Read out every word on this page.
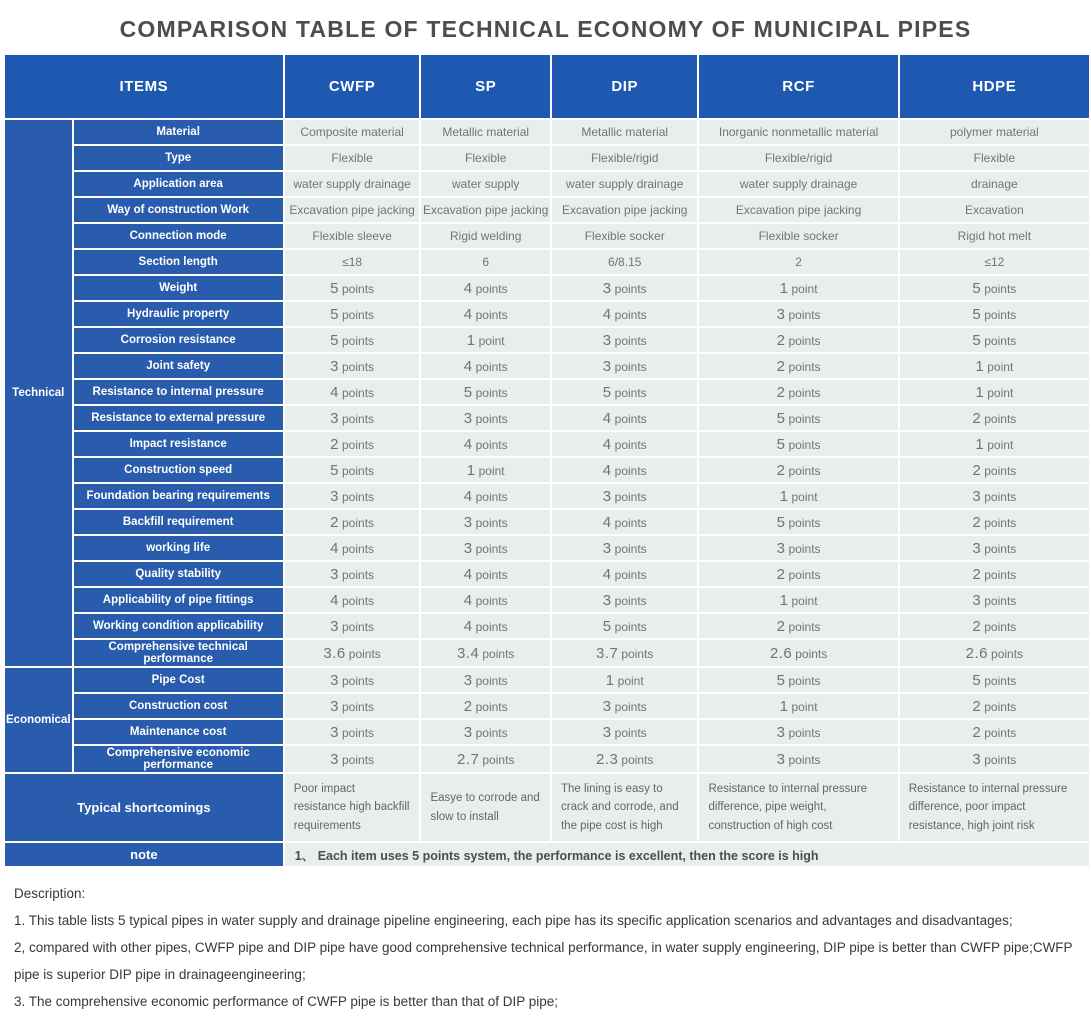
COMPARISON TABLE OF TECHNICAL ECONOMY OF MUNICIPAL PIPES
ITEMS		CWFP	SP	DIP	RCF	HDPE
Technical	Material	Composite material	Metallic material	Metallic material	Inorganic nonmetallic material	polymer material
	Type	Flexible	Flexible	Flexible/rigid	Flexible/rigid	Flexible
	Application area	water supply drainage	water supply	water supply drainage	water supply drainage	drainage
	Way of construction Work	Excavation pipe jacking	Excavation pipe jacking	Excavation pipe jacking	Excavation pipe jacking	Excavation
	Connection mode	Flexible sleeve	Rigid welding	Flexible socker	Flexible socker	Rigid hot melt
	Section length	≤18	6	6/8.15	2	≤12
	Weight	5 points	4 points	3 points	1 point	5 points
	Hydraulic property	5 points	4 points	4 points	3 points	5 points
	Corrosion resistance	5 points	1 point	3 points	2 points	5 points
	Joint safety	3 points	4 points	3 points	2 points	1 point
	Resistance to internal pressure	4 points	5 points	5 points	2 points	1 point
	Resistance to external pressure	3 points	3 points	4 points	5 points	2 points
	Impact resistance	2 points	4 points	4 points	5 points	1 point
	Construction speed	5 points	1 point	4 points	2 points	2 points
	Foundation bearing requirements	3 points	4 points	3 points	1 point	3 points
	Backfill requirement	2 points	3 points	4 points	5 points	2 points
	working life	4 points	3 points	3 points	3 points	3 points
	Quality stability	3 points	4 points	4 points	2 points	2 points
	Applicability of pipe fittings	4 points	4 points	3 points	1 point	3 points
	Working condition applicability	3 points	4 points	5 points	2 points	2 points
	Comprehensive technical performance	3.6 points	3.4 points	3.7 points	2.6 points	2.6 points
Economical	Pipe Cost	3 points	3 points	1 point	5 points	5 points
	Construction cost	3 points	2 points	3 points	1 point	2 points
	Maintenance cost	3 points	3 points	3 points	3 points	2 points
	Comprehensive economic performance	3 points	2.7 points	2.3 points	3 points	3 points
Typical shortcomings		Poor impact resistance high backfill requirements	Easye to corrode and slow to install	The lining is easy to crack and corrode, and the pipe cost is high	Resistance to internal pressure difference, pipe weight, construction of high cost	Resistance to internal pressure difference, poor impact resistance, high joint risk
note		1、 Each item uses 5 points system, the performance is excellent, then the score is high				
Description:
1. This table lists 5 typical pipes in water supply and drainage pipeline engineering, each pipe has its specific application scenarios and advantages and disadvantages;
2, compared with other pipes, CWFP pipe and DIP pipe have good comprehensive technical performance, in water supply engineering, DIP pipe is better than CWFP pipe;CWFP pipe is superior DIP pipe in drainageengineering;
3. The comprehensive economic performance of CWFP pipe is better than that of DIP pipe;
